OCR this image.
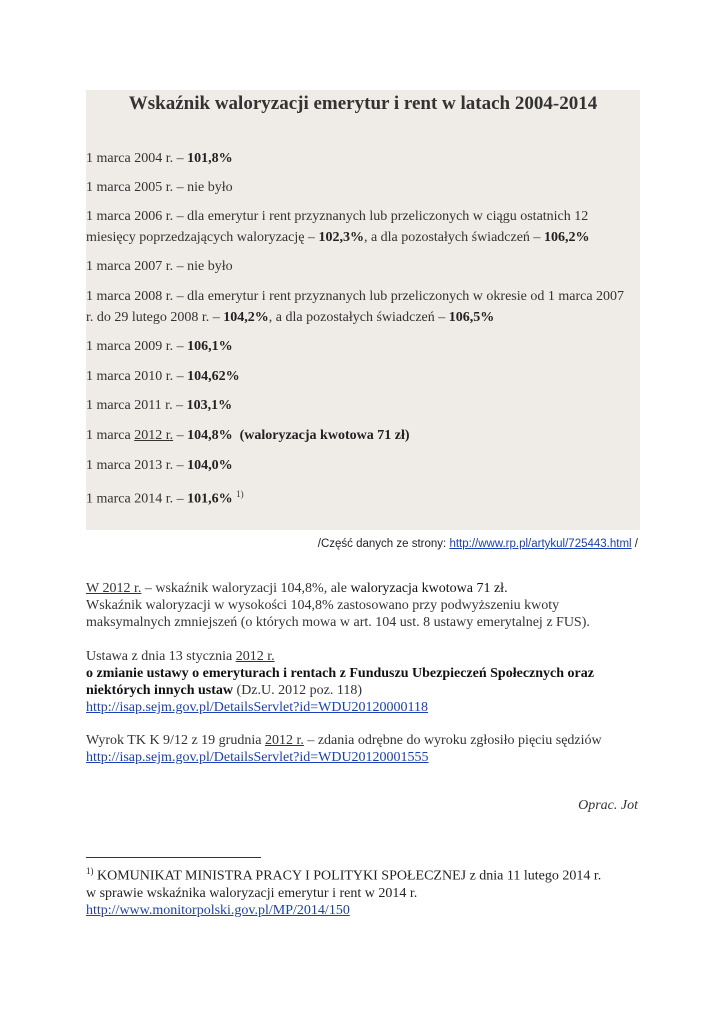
Wskaźnik waloryzacji emerytur i rent w latach 2004-2014
1 marca 2004 r. – 101,8%
1 marca 2005 r. – nie było
1 marca 2006 r. – dla emerytur i rent przyznanych lub przeliczonych w ciągu ostatnich 12 miesięcy poprzedzających waloryzację – 102,3%, a dla pozostałych świadczeń – 106,2%
1 marca 2007 r. – nie było
1 marca 2008 r. – dla emerytur i rent przyznanych lub przeliczonych w okresie od 1 marca 2007 r. do 29 lutego 2008 r. – 104,2%, a dla pozostałych świadczeń – 106,5%
1 marca 2009 r. – 106,1%
1 marca 2010 r. – 104,62%
1 marca 2011 r. – 103,1%
1 marca 2012 r. – 104,8% (waloryzacja kwotowa 71 zł)
1 marca 2013 r. – 104,0%
1 marca 2014 r. – 101,6% $^{1)}$
/Część danych ze strony: http://www.rp.pl/artykul/725443.html /
W 2012 r. – wskaźnik waloryzacji 104,8%, ale waloryzacja kwotowa 71 zł.
Wskaźnik waloryzacji w wysokości 104,8% zastosowano przy podwyższeniu kwoty maksymalnych zmniejszeń (o których mowa w art. 104 ust. 8 ustawy emerytalnej z FUS).
Ustawa z dnia 13 stycznia 2012 r.
o zmianie ustawy o emeryturach i rentach z Funduszu Ubezpieczeń Społecznych oraz niektórych innych ustaw (Dz.U. 2012 poz. 118)
http://isap.sejm.gov.pl/DetailsServlet?id=WDU20120000118
Wyrok TK K 9/12 z 19 grudnia 2012 r. – zdania odrębne do wyroku zgłosiło pięciu sędziów
http://isap.sejm.gov.pl/DetailsServlet?id=WDU20120001555
Oprac. Jot
$^{1)}$ KOMUNIKAT MINISTRA PRACY I POLITYKI SPOŁECZNEJ z dnia 11 lutego 2014 r.
w sprawie wskaźnika waloryzacji emerytur i rent w 2014 r.
http://www.monitorpolski.gov.pl/MP/2014/150
